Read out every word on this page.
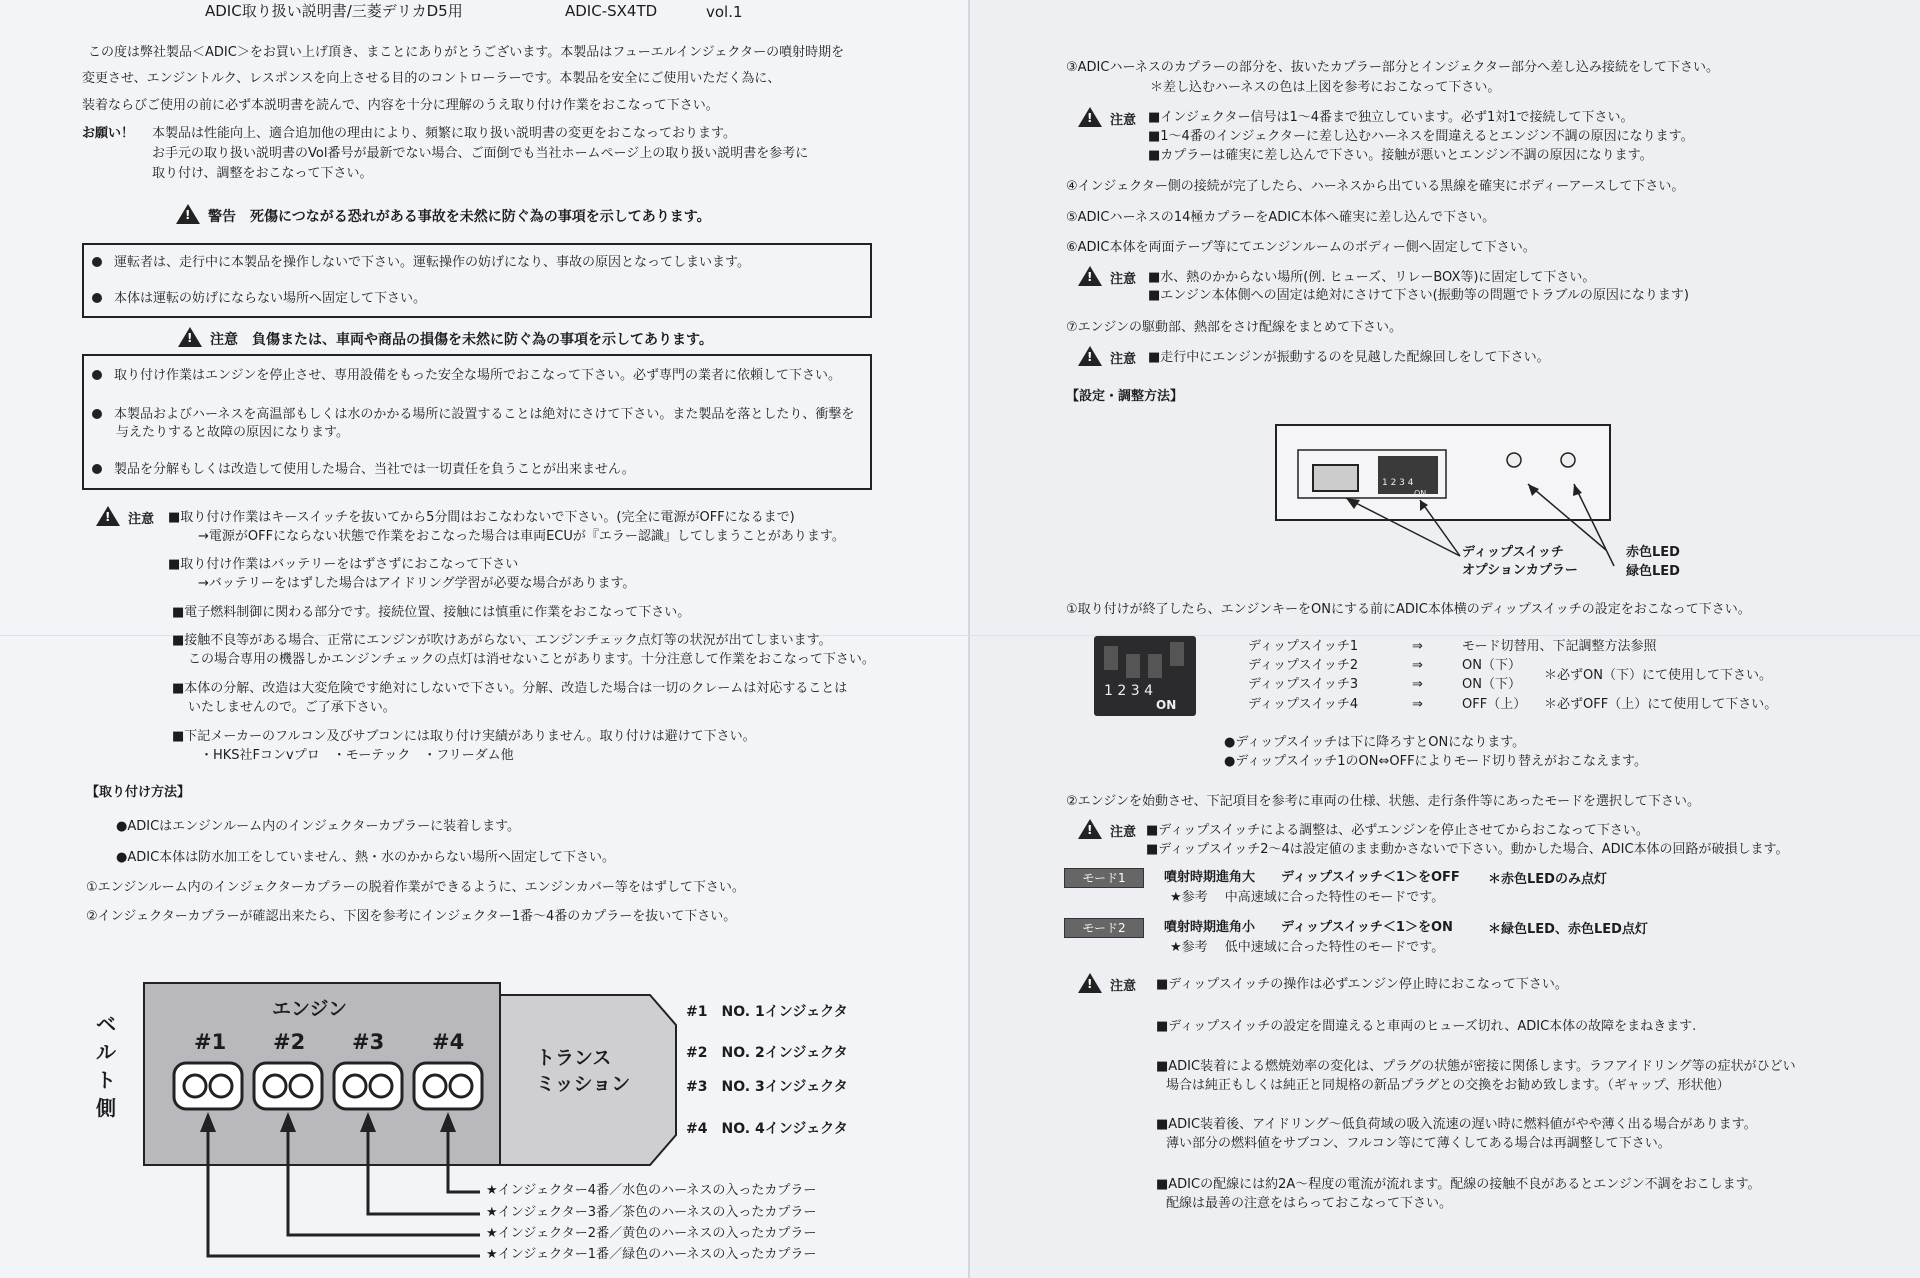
ADIC取り扱い説明書/三菱デリカD5用	ADIC-SX4TD	vol.1
この度は弊社製品＜ADIC＞をお買い上げ頂き、まことにありがとうございます。本製品はフューエルインジェクターの噴射時期を
変更させ、エンジントルク、レスポンスを向上させる目的のコントローラーです。本製品を安全にご使用いただく為に、
装着ならびご使用の前に必ず本説明書を読んで、内容を十分に理解のうえ取り付け作業をおこなって下さい。
お願い！ 本製品は性能向上、適合追加他の理由により、頻繁に取り扱い説明書の変更をおこなっております。
お手元の取り扱い説明書のVol番号が最新でない場合、ご面倒でも当社ホームページ上の取り扱い説明書を参考に
取り付け、調整をおこなって下さい。
!警告　死傷につながる恐れがある事故を未然に防ぐ為の事項を示してあります。
運転者は、走行中に本製品を操作しないで下さい。運転操作の妨げになり、事故の原因となってしまいます。
本体は運転の妨げにならない場所へ固定して下さい。
!注意　負傷または、車両や商品の損傷を未然に防ぐ為の事項を示してあります。
取り付け作業はエンジンを停止させ、専用設備をもった安全な場所でおこなって下さい。必ず専門の業者に依頼して下さい。
本製品およびハーネスを高温部もしくは水のかかる場所に設置することは絶対にさけて下さい。また製品を落としたり、衝撃を
与えたりすると故障の原因になります。
製品を分解もしくは改造して使用した場合、当社では一切責任を負うことが出来ません。
!注意 ■取り付け作業はキースイッチを抜いてから5分間はおこなわないで下さい。(完全に電源がOFFになるまで)
→電源がOFFにならない状態で作業をおこなった場合は車両ECUが『エラー認識』してしまうことがあります。
■取り付け作業はバッテリーをはずさずにおこなって下さい
→バッテリーをはずした場合はアイドリング学習が必要な場合があります。
■電子燃料制御に関わる部分です。接続位置、接触には慎重に作業をおこなって下さい。
■接触不良等がある場合、正常にエンジンが吹けあがらない、エンジンチェック点灯等の状況が出てしまいます。
この場合専用の機器しかエンジンチェックの点灯は消せないことがあります。十分注意して作業をおこなって下さい。
■本体の分解、改造は大変危険です絶対にしないで下さい。分解、改造した場合は一切のクレームは対応することは
いたしませんので。ご了承下さい。
■下記メーカーのフルコン及びサブコンには取り付け実績がありません。取り付けは避けて下さい。
・HKS社Fコンvプロ　・モーテック　・フリーダム他
【取り付け方法】
●ADICはエンジンルーム内のインジェクターカプラーに装着します。
●ADIC本体は防水加工をしていません、熱・水のかからない場所へ固定して下さい。
①エンジンルーム内のインジェクターカプラーの脱着作業ができるように、エンジンカバー等をはずして下さい。
②インジェクターカプラーが確認出来たら、下図を参考にインジェクター1番～4番のカプラーを抜いて下さい。
ベ
ル
ト
側
エンジン
#1 #2 #3 #4
トランス
ミッション
#1　NO. 1インジェクタ
#2　NO. 2インジェクタ
#3　NO. 3インジェクタ
#4　NO. 4インジェクタ
★インジェクター4番／水色のハーネスの入ったカプラー
★インジェクター3番／茶色のハーネスの入ったカプラー
★インジェクター2番／黄色のハーネスの入ったカプラー
★インジェクター1番／緑色のハーネスの入ったカプラー
③ADICハーネスのカプラーの部分を、抜いたカプラー部分とインジェクター部分へ差し込み接続をして下さい。
＊差し込むハーネスの色は上図を参考におこなって下さい。
!注意 ■インジェクター信号は1～4番まで独立しています。必ず1対1で接続して下さい。
■1～4番のインジェクターに差し込むハーネスを間違えるとエンジン不調の原因になります。
■カプラーは確実に差し込んで下さい。接触が悪いとエンジン不調の原因になります。
④インジェクター側の接続が完了したら、ハーネスから出ている黒線を確実にボディーアースして下さい。
⑤ADICハーネスの14極カプラーをADIC本体へ確実に差し込んで下さい。
⑥ADIC本体を両面テープ等にてエンジンルームのボディー側へ固定して下さい。
!注意 ■水、熱のかからない場所(例. ヒューズ、リレーBOX等)に固定して下さい。
■エンジン本体側への固定は絶対にさけて下さい(振動等の問題でトラブルの原因になります)
⑦エンジンの駆動部、熱部をさけ配線をまとめて下さい。
!注意 ■走行中にエンジンが振動するのを見越した配線回しをして下さい。
【設定・調整方法】
1 2 3 4
ON
ディップスイッチ
オプションカプラー
赤色LED
緑色LED
①取り付けが終了したら、エンジンキーをONにする前にADIC本体横のディップスイッチの設定をおこなって下さい。
1 2 3 4
ON
ディップスイッチ1	⇒	モード切替用、下記調整方法参照
ディップスイッチ2	⇒	ON（下）
ディップスイッチ3	⇒	ON（下）
ディップスイッチ4	⇒	OFF（上）
＊必ずON（下）にて使用して下さい。
＊必ずOFF（上）にて使用して下さい。
●ディップスイッチは下に降ろすとONになります。
●ディップスイッチ1のON⇔OFFによりモード切り替えがおこなえます。
②エンジンを始動させ、下記項目を参考に車両の仕様、状態、走行条件等にあったモードを選択して下さい。
!注意 ■ディップスイッチによる調整は、必ずエンジンを停止させてからおこなって下さい。
■ディップスイッチ2～4は設定値のまま動かさないで下さい。動かした場合、ADIC本体の回路が破損します。
モード1	噴射時期進角大　　ディップスイッチ＜1＞をOFF ＊赤色LEDのみ点灯
★参考　 中高速域に合った特性のモードです。
モード2	噴射時期進角小　　ディップスイッチ＜1＞をON	＊緑色LED、赤色LED点灯
★参考　 低中速域に合った特性のモードです。
!注意 ■ディップスイッチの操作は必ずエンジン停止時におこなって下さい。
■ディップスイッチの設定を間違えると車両のヒューズ切れ、ADIC本体の故障をまねきます.
■ADIC装着による燃焼効率の変化は、プラグの状態が密接に関係します。ラフアイドリング等の症状がひどい
場合は純正もしくは純正と同規格の新品プラグとの交換をお勧め致します。（ギャップ、形状他）
■ADIC装着後、アイドリング～低負荷域の吸入流速の遅い時に燃料値がやや薄く出る場合があります。
薄い部分の燃料値をサブコン、フルコン等にて薄くしてある場合は再調整して下さい。
■ADICの配線には約2A～程度の電流が流れます。配線の接触不良があるとエンジン不調をおこします。
配線は最善の注意をはらっておこなって下さい。
